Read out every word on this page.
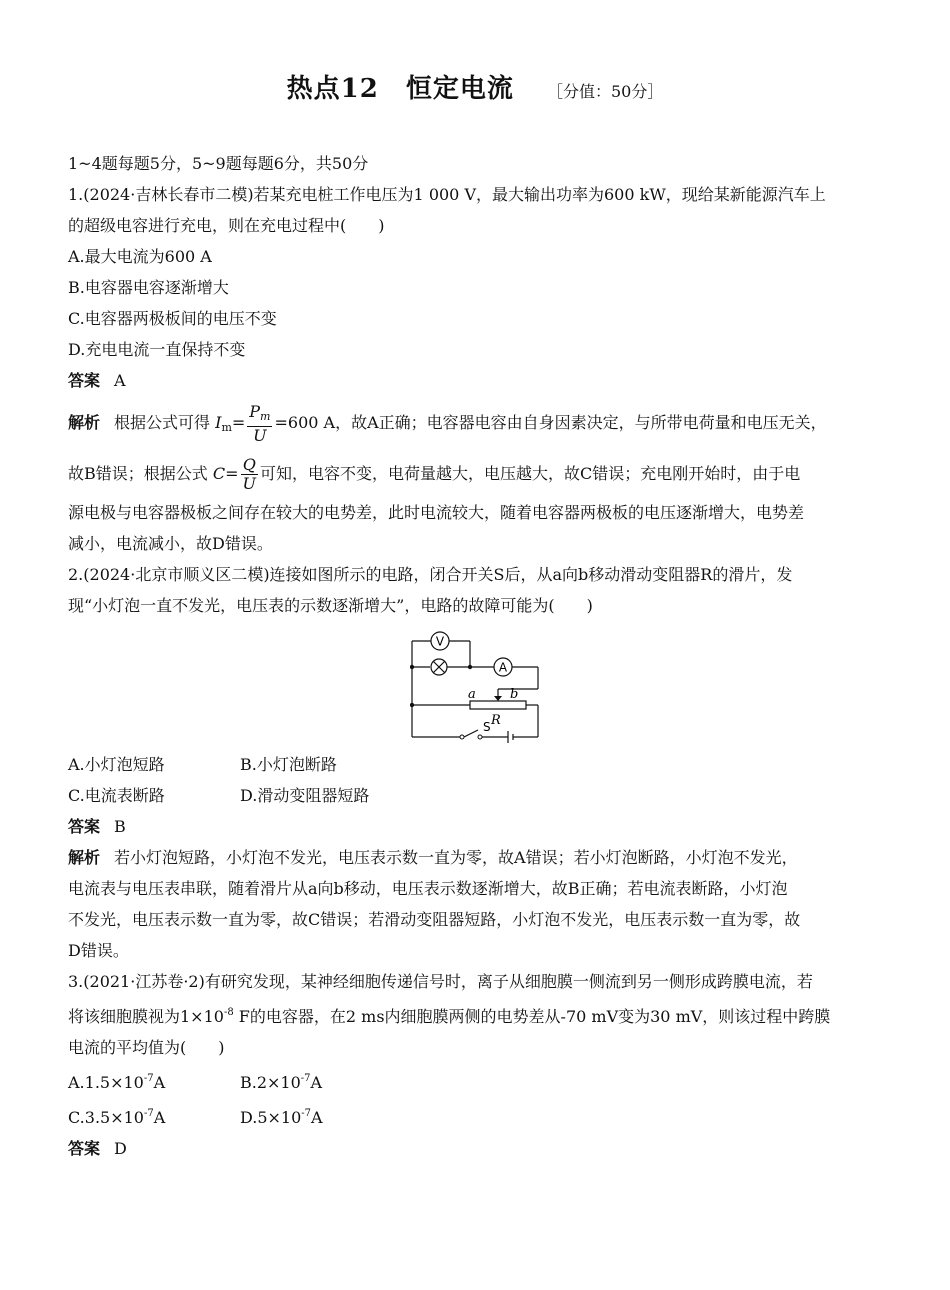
热点12　恒定电流 ［分值：50分］
1~4题每题5分，5~9题每题6分，共50分
1.(2024·吉林长春市二模)若某充电桩工作电压为1 000 V，最大输出功率为600 kW，现给某新能源汽车上
的超级电容进行充电，则在充电过程中(　　)
A.最大电流为600 A
B.电容器电容逐渐增大
C.电容器两极板间的电压不变
D.充电电流一直保持不变
答案 A
解析 根据公式可得 $I_m= \frac{P_m}{U} =600$ A，故A正确；电容器电容由自身因素决定，与所带电荷量和电压无关，
故B错误；根据公式 $C= \frac{Q}{U}$ 可知，电容不变，电荷量越大，电压越大，故C错误；充电刚开始时，由于电
源电极与电容器极板之间存在较大的电势差，此时电流较大，随着电容器两极板的电压逐渐增大，电势差
减小，电流减小，故D错误。
2.(2024·北京市顺义区二模)连接如图所示的电路，闭合开关S后，从a向b移动滑动变阻器R的滑片，发
现“小灯泡一直不发光，电压表的示数逐渐增大”，电路的故障可能为(　　)
V
A
a	b
R
S
A.小灯泡短路	B.小灯泡断路
C.电流表断路	D.滑动变阻器短路
答案 B
解析 若小灯泡短路，小灯泡不发光，电压表示数一直为零，故A错误；若小灯泡断路，小灯泡不发光，
电流表与电压表串联，随着滑片从a向b移动，电压表示数逐渐增大，故B正确；若电流表断路，小灯泡
不发光，电压表示数一直为零，故C错误；若滑动变阻器短路，小灯泡不发光，电压表示数一直为零，故
D错误。
3.(2021·江苏卷·2)有研究发现，某神经细胞传递信号时，离子从细胞膜一侧流到另一侧形成跨膜电流，若
将该细胞膜视为$1\times 10^{-8}$ F的电容器，在2 ms内细胞膜两侧的电势差从-70 mV变为30 mV，则该过程中跨膜
电流的平均值为(　　)
A.1.5×10-7A	B.2×10-7A
C.3.5×10-7A	D.5×10-7A
答案 D
